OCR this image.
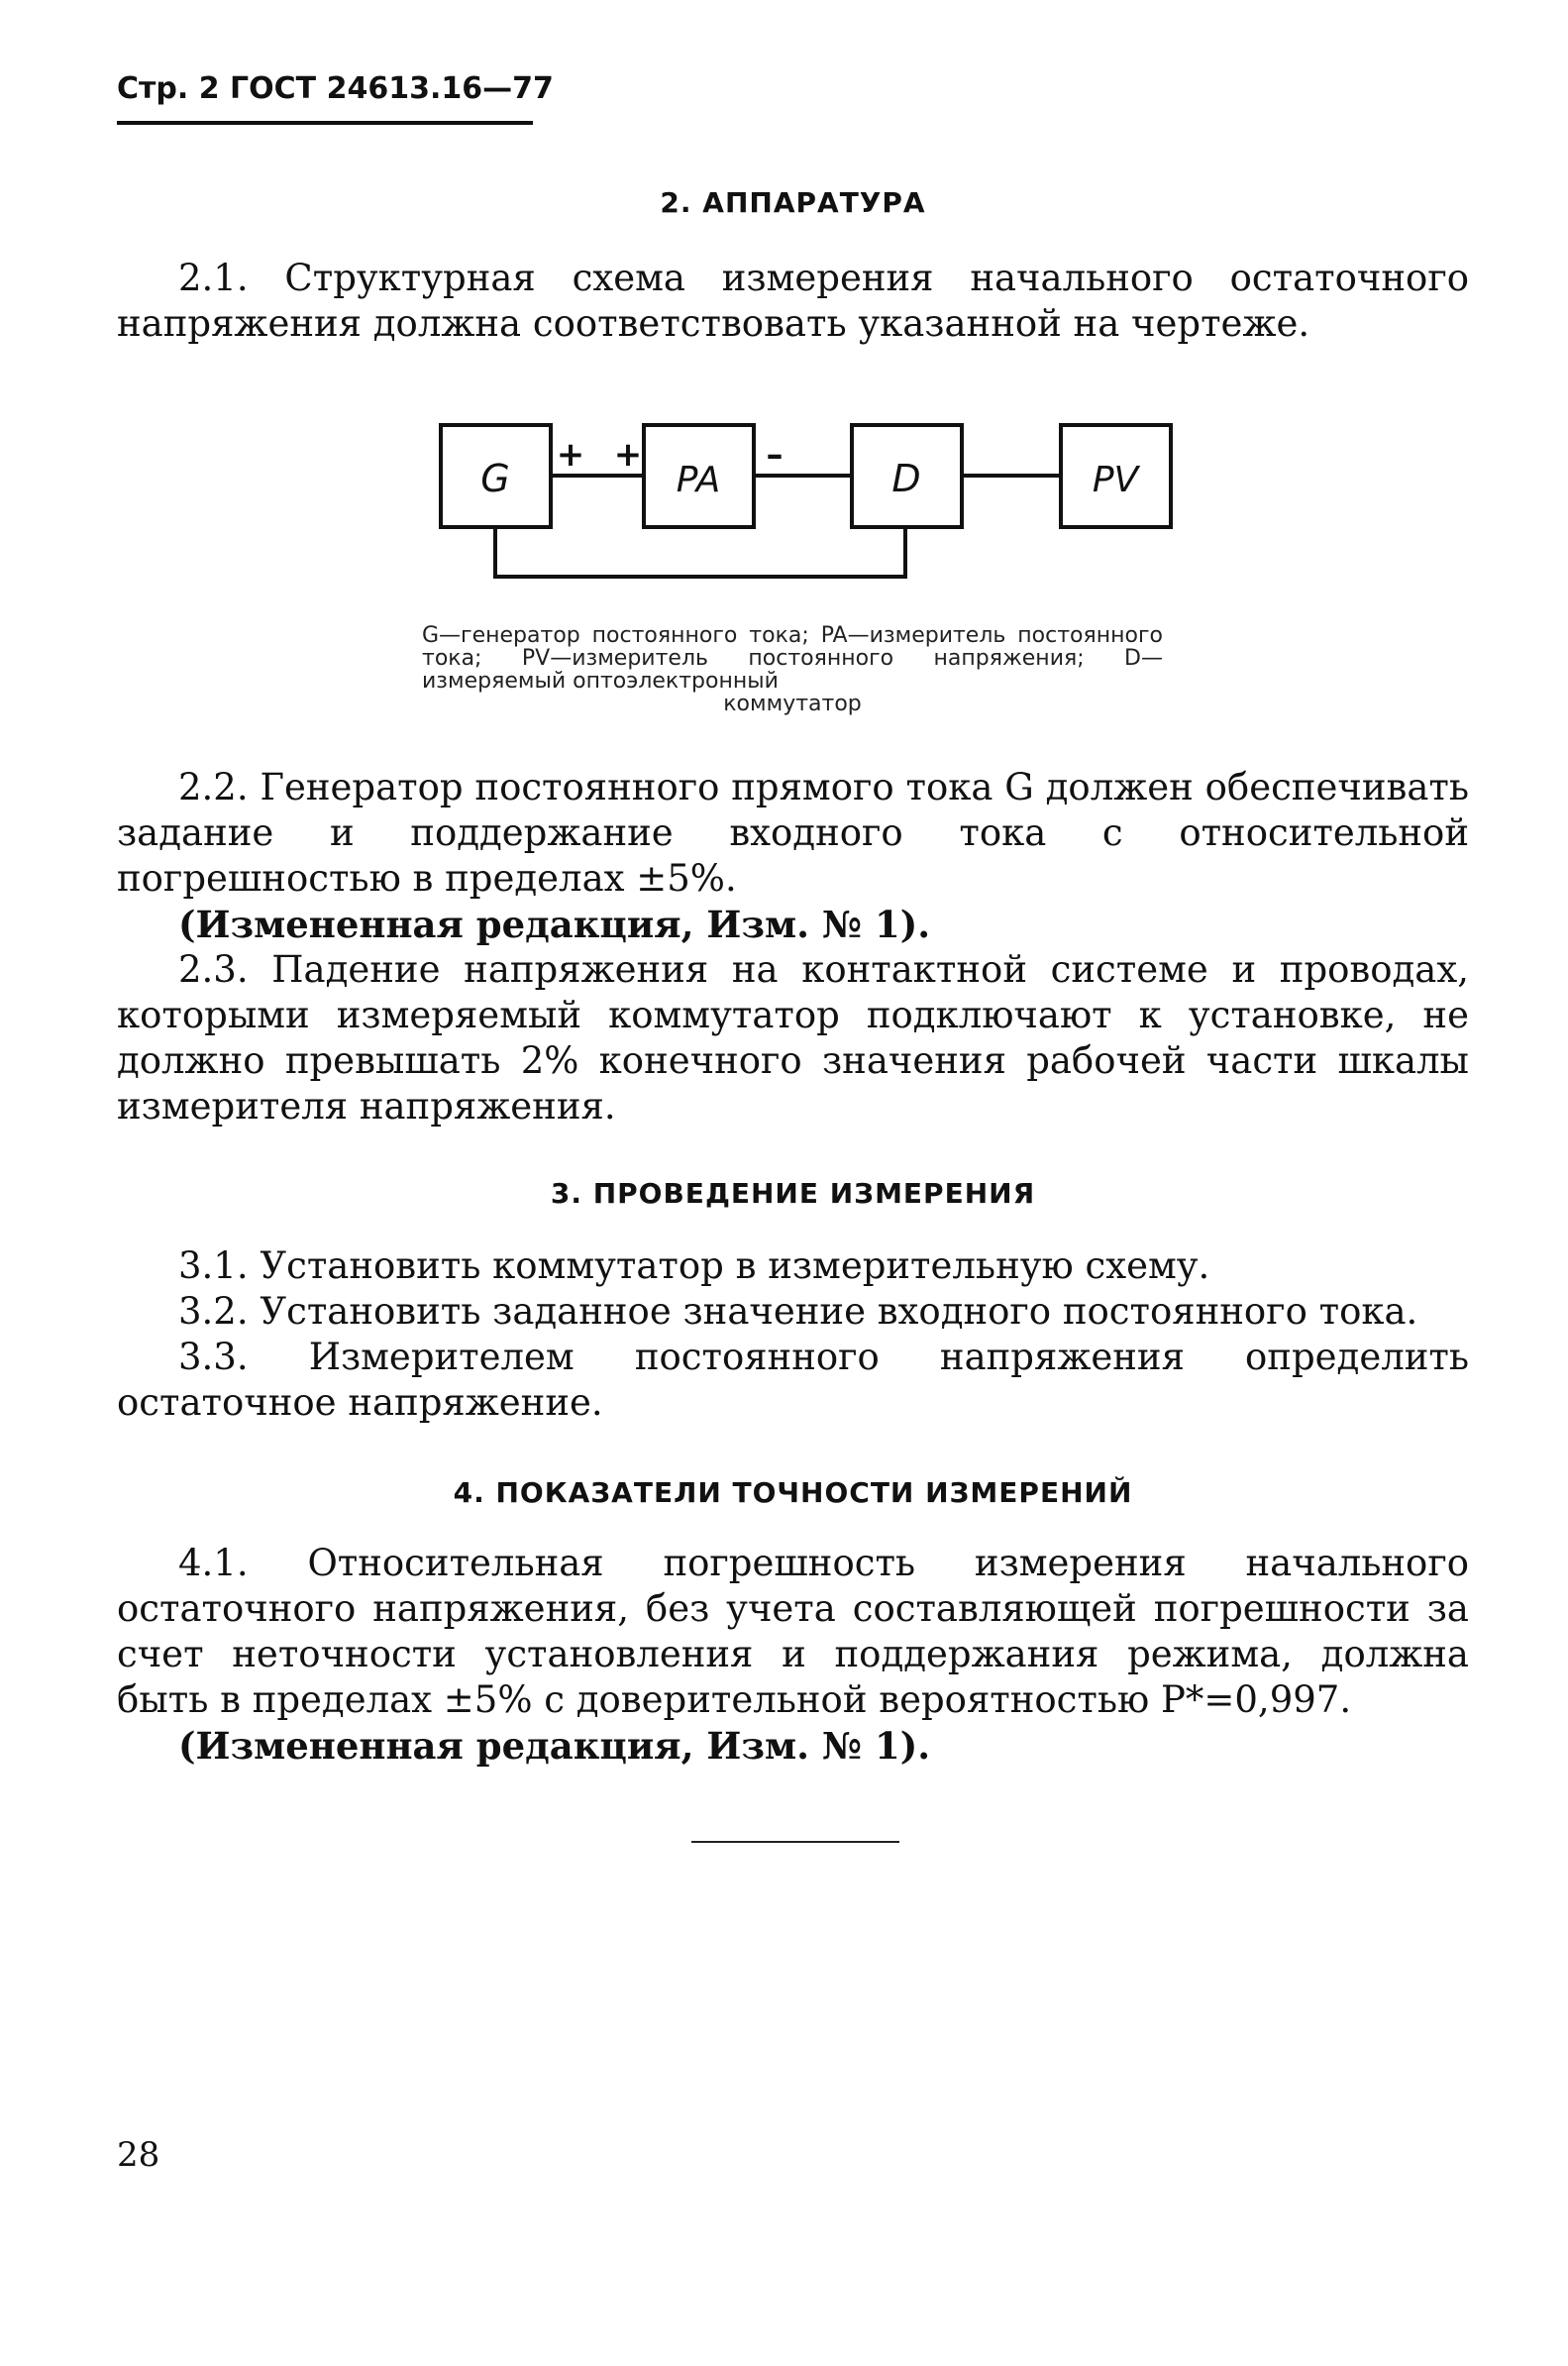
Стр. 2 ГОСТ 24613.16—77
2. АППАРАТУРА
2.1. Структурная схема измерения начального остаточного напряжения должна соответствовать указанной на чертеже.
G	PA	D	PV
+ +	–
G—генератор постоянного тока; PA—измеритель постоянного тока; PV—измеритель постоянного напряжения; D—измеряемый оптоэлектронный
коммутатор
2.2. Генератор постоянного прямого тока G должен обеспечивать задание и поддержание входного тока с относительной погрешностью в пределах ±5%.
(Измененная редакция, Изм. № 1).
2.3. Падение напряжения на контактной системе и проводах, которыми измеряемый коммутатор подключают к установке, не должно превышать 2% конечного значения рабочей части шкалы измерителя напряжения.
3. ПРОВЕДЕНИЕ ИЗМЕРЕНИЯ
3.1. Установить коммутатор в измерительную схему.
3.2. Установить заданное значение входного постоянного тока.
3.3. Измерителем постоянного напряжения определить остаточное напряжение.
4. ПОКАЗАТЕЛИ ТОЧНОСТИ ИЗМЕРЕНИЙ
4.1. Относительная погрешность измерения начального остаточного напряжения, без учета составляющей погрешности за счет неточности установления и поддержания режима, должна быть в пределах ±5% с доверительной вероятностью P*=0,997.
(Измененная редакция, Изм. № 1).
28
